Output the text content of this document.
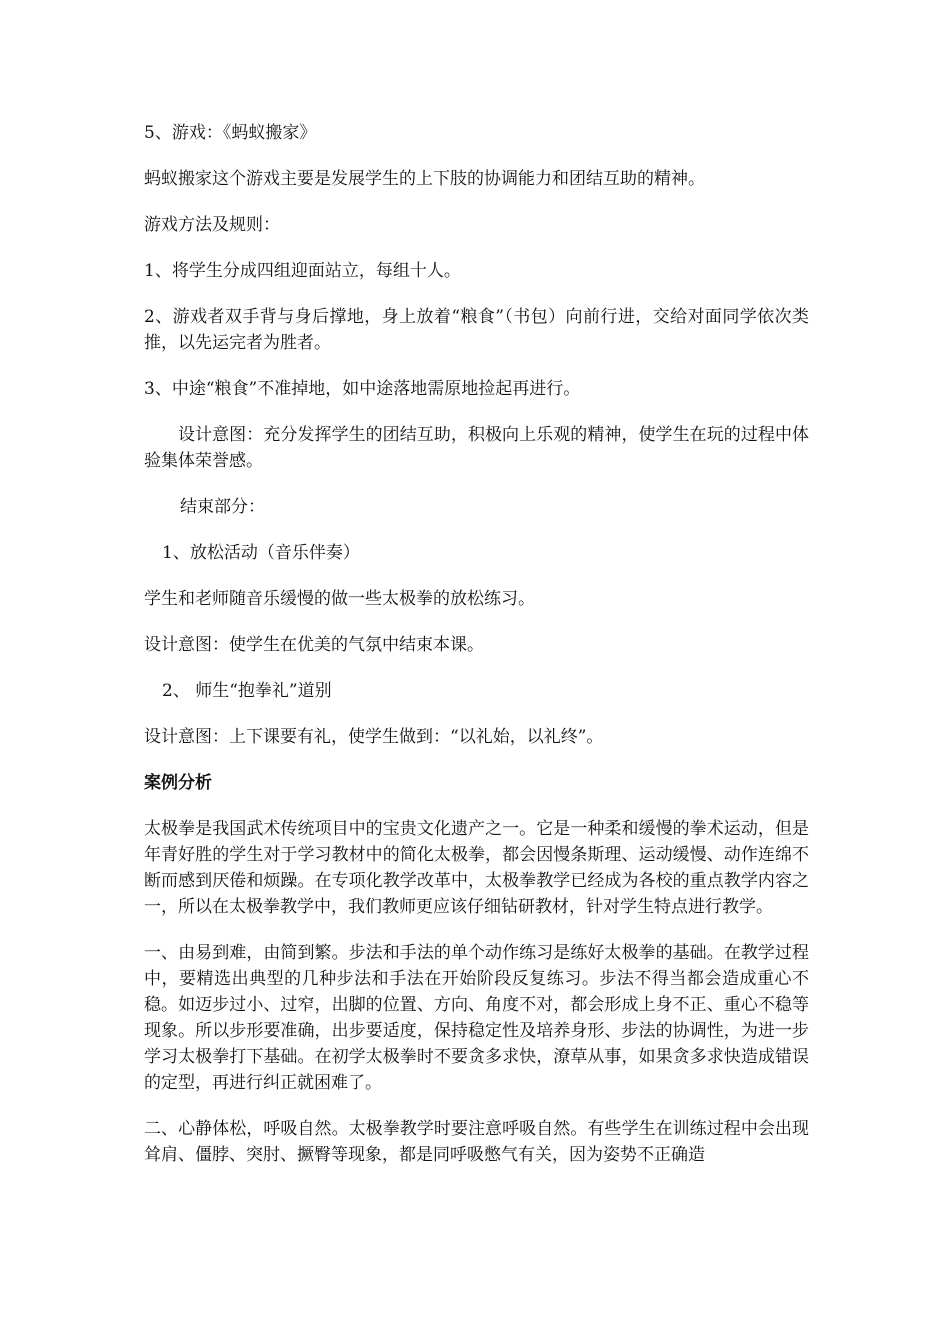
5、游戏：《蚂蚁搬家》

蚂蚁搬家这个游戏主要是发展学生的上下肢的协调能力和团结互助的精神。

游戏方法及规则：

1、将学生分成四组迎面站立，每组十人。

2、游戏者双手背与身后撑地，身上放着“粮食”（书包）向前行进，交给对面同学依次类推，以先运完者为胜者。

3、中途“粮食”不准掉地，如中途落地需原地捡起再进行。

设计意图：充分发挥学生的团结互助，积极向上乐观的精神，使学生在玩的过程中体验集体荣誉感。

结束部分：

1、放松活动（音乐伴奏）

学生和老师随音乐缓慢的做一些太极拳的放松练习。

设计意图：使学生在优美的气氛中结束本课。

2、 师生“抱拳礼”道别

设计意图：上下课要有礼，使学生做到：“以礼始，以礼终”。

案例分析

太极拳是我国武术传统项目中的宝贵文化遗产之一。它是一种柔和缓慢的拳术运动，但是年青好胜的学生对于学习教材中的简化太极拳，都会因慢条斯理、运动缓慢、动作连绵不断而感到厌倦和烦躁。在专项化教学改革中，太极拳教学已经成为各校的重点教学内容之一，所以在太极拳教学中，我们教师更应该仔细钻研教材，针对学生特点进行教学。

一、由易到难，由简到繁。步法和手法的单个动作练习是练好太极拳的基础。在教学过程中，要精选出典型的几种步法和手法在开始阶段反复练习。步法不得当都会造成重心不稳。如迈步过小、过窄，出脚的位置、方向、角度不对，都会形成上身不正、重心不稳等现象。所以步形要准确，出步要适度，保持稳定性及培养身形、步法的协调性，为进一步学习太极拳打下基础。在初学太极拳时不要贪多求快，潦草从事，如果贪多求快造成错误的定型，再进行纠正就困难了。

二、心静体松，呼吸自然。太极拳教学时要注意呼吸自然。有些学生在训练过程中会出现耸肩、僵脖、突肘、撅臀等现象，都是同呼吸憋气有关，因为姿势不正确造
